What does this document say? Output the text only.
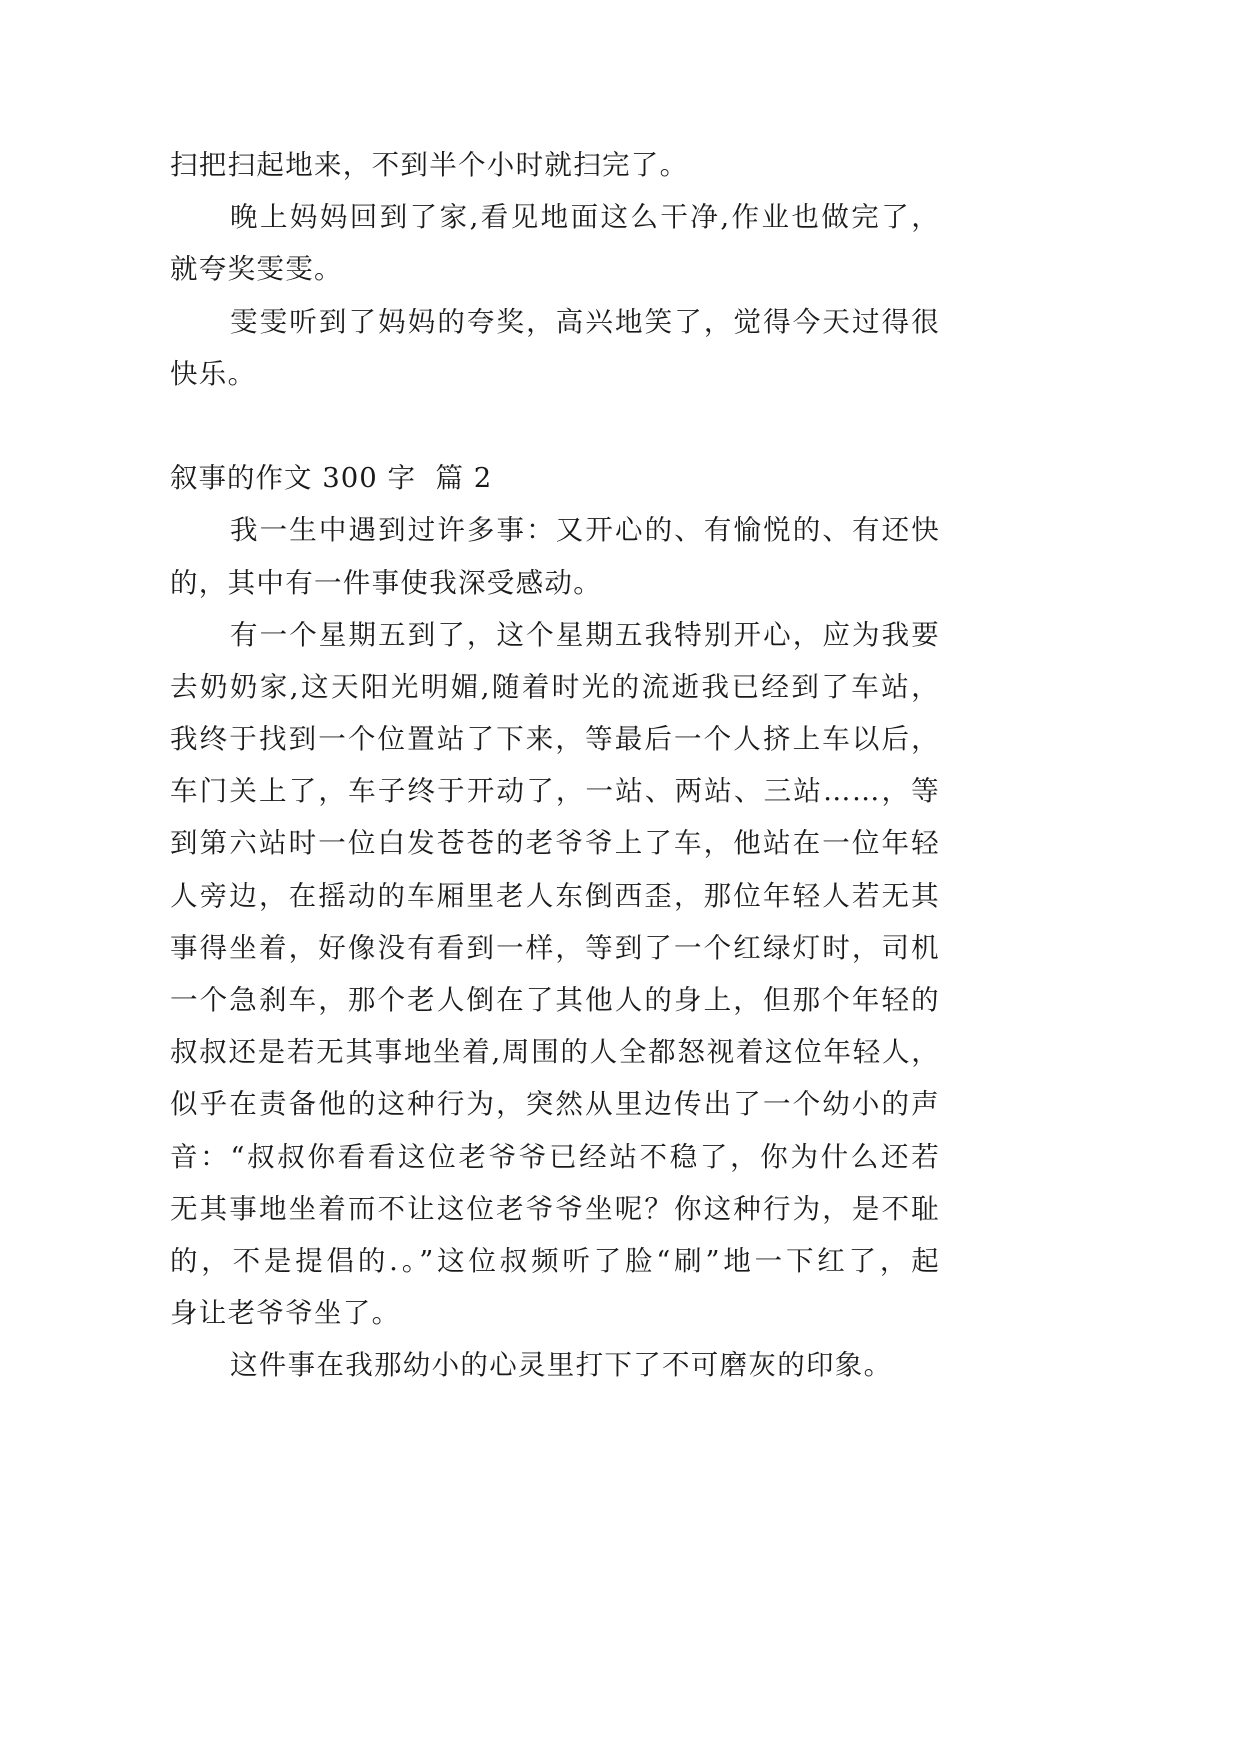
扫把扫起地来，不到半个小时就扫完了。
晚上妈妈回到了家,看见地面这么干净,作业也做完了，
就夸奖雯雯。
雯雯听到了妈妈的夸奖，高兴地笑了，觉得今天过得很
快乐。
叙事的作文 300 字  篇 2
我一生中遇到过许多事：又开心的、有愉悦的、有还快
的，其中有一件事使我深受感动。
有一个星期五到了，这个星期五我特别开心，应为我要
去奶奶家,这天阳光明媚,随着时光的流逝我已经到了车站，
我终于找到一个位置站了下来，等最后一个人挤上车以后，
车门关上了，车子终于开动了，一站、两站、三站……，等
到第六站时一位白发苍苍的老爷爷上了车，他站在一位年轻
人旁边，在摇动的车厢里老人东倒西歪，那位年轻人若无其
事得坐着，好像没有看到一样，等到了一个红绿灯时，司机
一个急刹车，那个老人倒在了其他人的身上，但那个年轻的
叔叔还是若无其事地坐着,周围的人全都怒视着这位年轻人，
似乎在责备他的这种行为，突然从里边传出了一个幼小的声
音：“叔叔你看看这位老爷爷已经站不稳了，你为什么还若
无其事地坐着而不让这位老爷爷坐呢？你这种行为，是不耻
的，不是提倡的.。”这位叔频听了脸“刷”地一下红了，起
身让老爷爷坐了。
这件事在我那幼小的心灵里打下了不可磨灰的印象。
